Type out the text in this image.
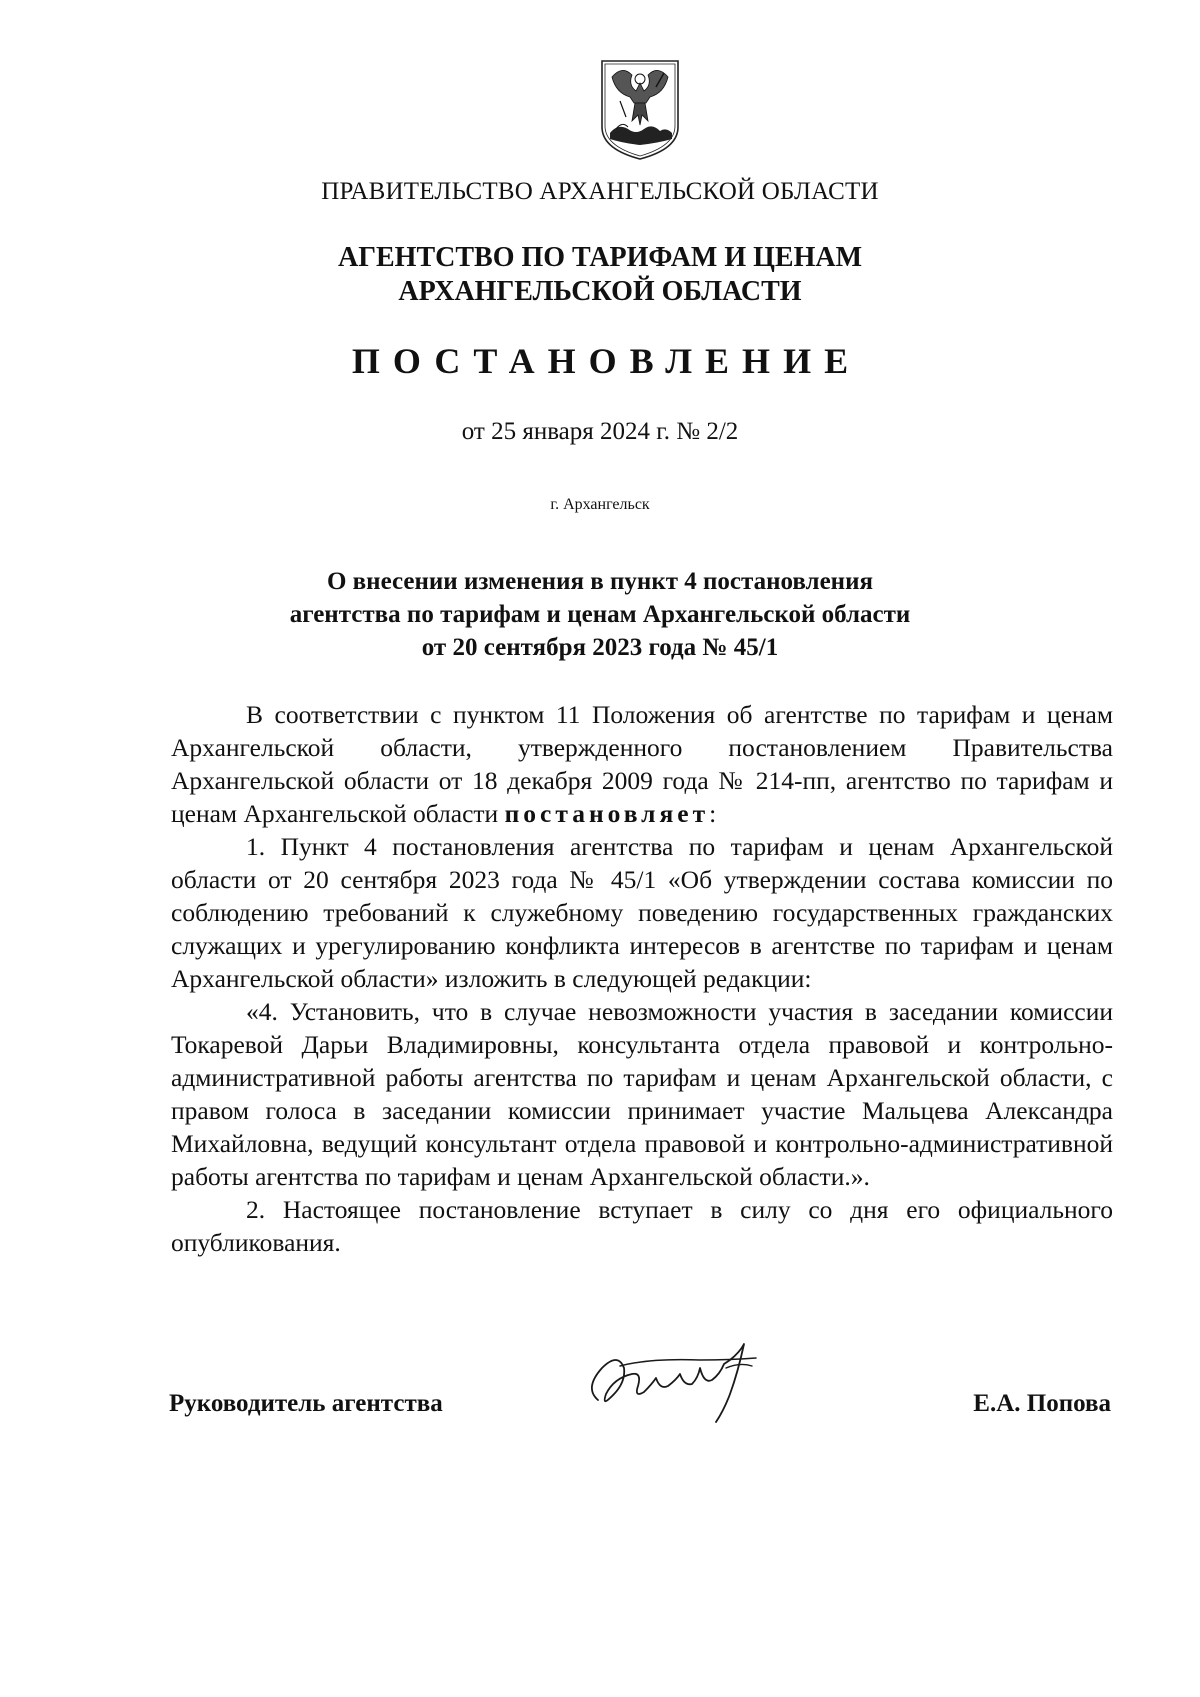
ПРАВИТЕЛЬСТВО АРХАНГЕЛЬСКОЙ ОБЛАСТИ
АГЕНТСТВО ПО ТАРИФАМ И ЦЕНАМ
АРХАНГЕЛЬСКОЙ ОБЛАСТИ
ПОСТАНОВЛЕНИЕ
от 25 января 2024 г. № 2/2
г. Архангельск
О внесении изменения в пункт 4 постановления
агентства по тарифам и ценам Архангельской области
от 20 сентября 2023 года № 45/1

В соответствии с пунктом 11 Положения об агентстве по тарифам и ценам Архангельской области, утвержденного постановлением Правительства Архангельской области от 18 декабря 2009 года № 214-пп, агентство по тарифам и ценам Архангельской области постановляет:

1. Пункт 4 постановления агентства по тарифам и ценам Архангельской области от 20 сентября 2023 года № 45/1 «Об утверждении состава комиссии по соблюдению требований к служебному поведению государственных гражданских служащих и урегулированию конфликта интересов в агентстве по тарифам и ценам Архангельской области» изложить в следующей редакции:

«4. Установить, что в случае невозможности участия в заседании комиссии Токаревой Дарьи Владимировны, консультанта отдела правовой и контрольно-административной работы агентства по тарифам и ценам Архангельской области, с правом голоса в заседании комиссии принимает участие Мальцева Александра Михайловна, ведущий консультант отдела правовой и контрольно-административной работы агентства по тарифам и ценам Архангельской области.».

2. Настоящее постановление вступает в силу со дня его официального опубликования.

Руководитель агентства	Е.А. Попова
